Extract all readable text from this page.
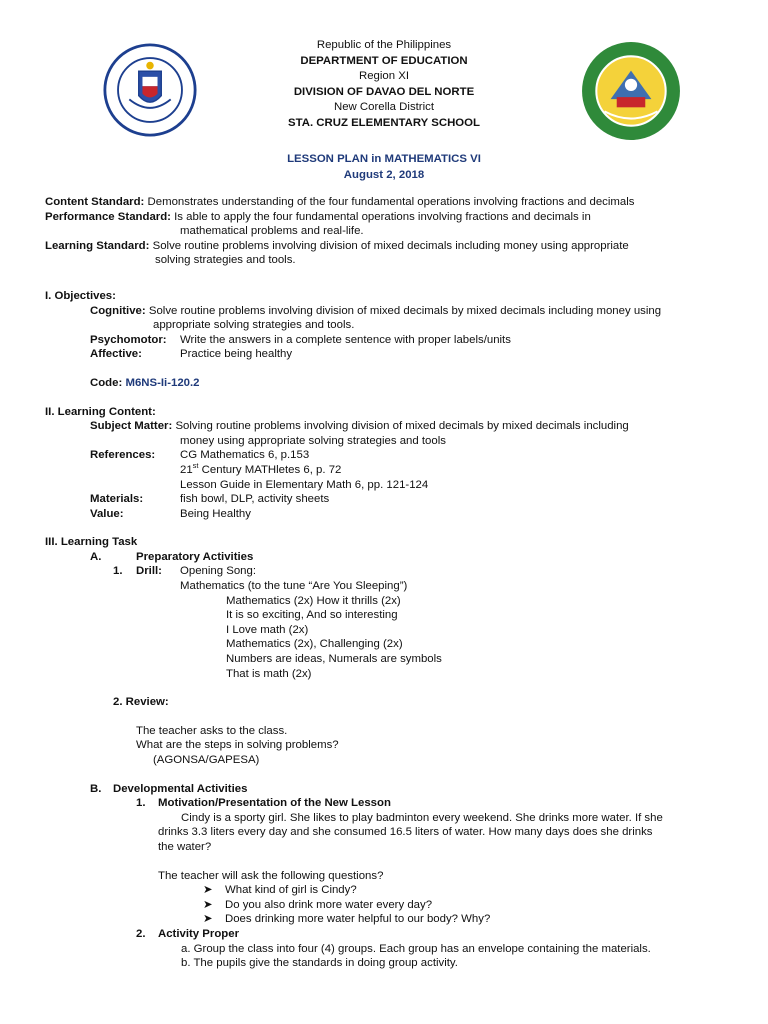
Republic of the Philippines
DEPARTMENT OF EDUCATION
Region XI
DIVISION OF DAVAO DEL NORTE
New Corella District
STA. CRUZ ELEMENTARY SCHOOL
LESSON PLAN in MATHEMATICS VI
August 2, 2018
Content Standard: Demonstrates understanding of the four fundamental operations involving fractions and decimals
Performance Standard: Is able to apply the four fundamental operations involving fractions and decimals in
mathematical problems and real-life.
Learning Standard: Solve routine problems involving division of mixed decimals including money using appropriate
solving strategies and tools.
I. Objectives:
Cognitive: Solve routine problems involving division of mixed decimals by mixed decimals including money using
appropriate solving strategies and tools.
Psychomotor:	Write the answers in a complete sentence with proper labels/units
Affective:	Practice being healthy
Code: M6NS-Ii-120.2
II. Learning Content:
Subject Matter: Solving routine problems involving division of mixed decimals by mixed decimals including
money using appropriate solving strategies and tools
References:	CG Mathematics 6, p.153
21st Century MATHletes 6, p. 72
Lesson Guide in Elementary Math 6, pp. 121-124
Materials:	fish bowl, DLP, activity sheets
Value:	Being Healthy
III. Learning Task
A.	Preparatory Activities
1. Drill: Opening Song:
Mathematics (to the tune “Are You Sleeping”)
Mathematics (2x) How it thrills (2x)
It is so exciting, And so interesting
I Love math (2x)
Mathematics (2x), Challenging (2x)
Numbers are ideas, Numerals are symbols
That is math (2x)
2. Review:
The teacher asks to the class.
What are the steps in solving problems?
(AGONSA/GAPESA)
B. Developmental Activities
1. Motivation/Presentation of the New Lesson
Cindy is a sporty girl. She likes to play badminton every weekend. She drinks more water. If she
drinks 3.3 liters every day and she consumed 16.5 liters of water. How many days does she drinks
the water?
The teacher will ask the following questions?
➤ What kind of girl is Cindy?
➤ Do you also drink more water every day?
➤ Does drinking more water helpful to our body? Why?
2. Activity Proper
a. Group the class into four (4) groups. Each group has an envelope containing the materials.
b. The pupils give the standards in doing group activity.
